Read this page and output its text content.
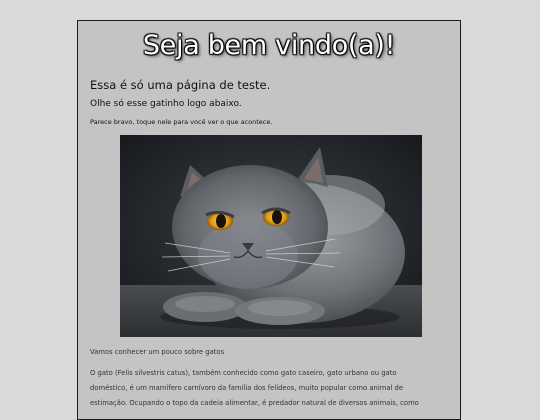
Seja bem vindo(a)!
Essa é só uma página de teste.
Olhe só esse gatinho logo abaixo.
Parece bravo, toque nele para você ver o que acontece.

Vamos conhecer um pouco sobre gatos

O gato (Felis silvestris catus), também conhecido como gato caseiro, gato urbano ou gato doméstico, é um mamífero carnívoro da família dos felídeos, muito popular como animal de estimação. Ocupando o topo da cadeia alimentar, é predador natural de diversos animais, como
